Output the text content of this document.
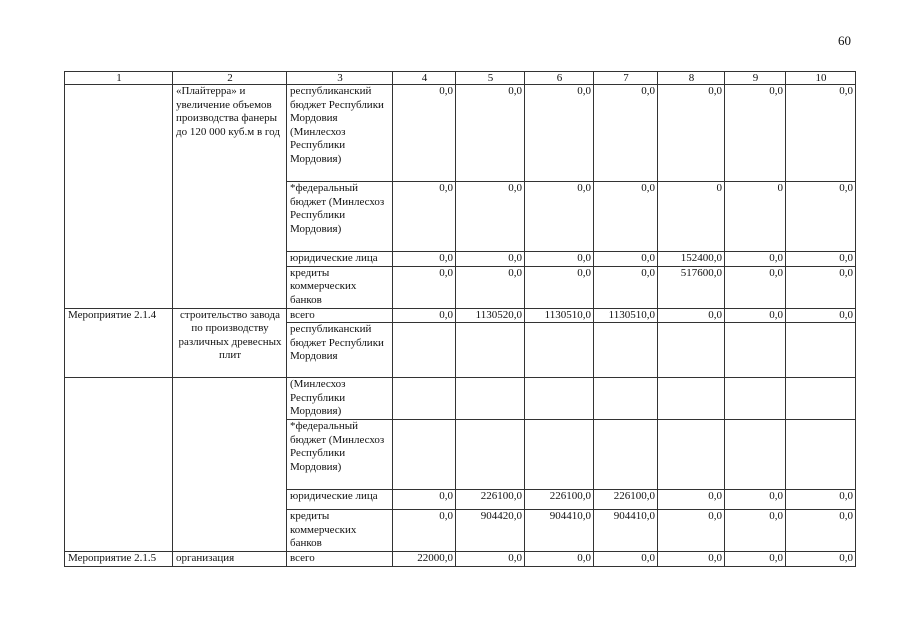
60
1	2	3	4	5	6	7	8	9	10
	«Плайтерра» и увеличение объемов производства фанеры до 120 000 куб.м в год	республиканский бюджет Республики Мордовия (Минлесхоз Республики Мордовия)	0,0	0,0	0,0	0,0	0,0	0,0	0,0
		*федеральный бюджет (Минлесхоз Республики Мордовия)	0,0	0,0	0,0	0,0	0	0	0,0
		юридические лица	0,0	0,0	0,0	0,0	152400,0	0,0	0,0
		кредиты коммерческих банков	0,0	0,0	0,0	0,0	517600,0	0,0	0,0
Мероприятие 2.1.4	строительство завода по производству различных древесных плит	всего	0,0	1130520,0	1130510,0	1130510,0	0,0	0,0	0,0
		республиканский бюджет Республики Мордовия							
		(Минлесхоз Республики Мордовия)							
		*федеральный бюджет (Минлесхоз Республики Мордовия)							
		юридические лица	0,0	226100,0	226100,0	226100,0	0,0	0,0	0,0
		кредиты коммерческих банков	0,0	904420,0	904410,0	904410,0	0,0	0,0	0,0
Мероприятие 2.1.5	организация	всего	22000,0	0,0	0,0	0,0	0,0	0,0	0,0
